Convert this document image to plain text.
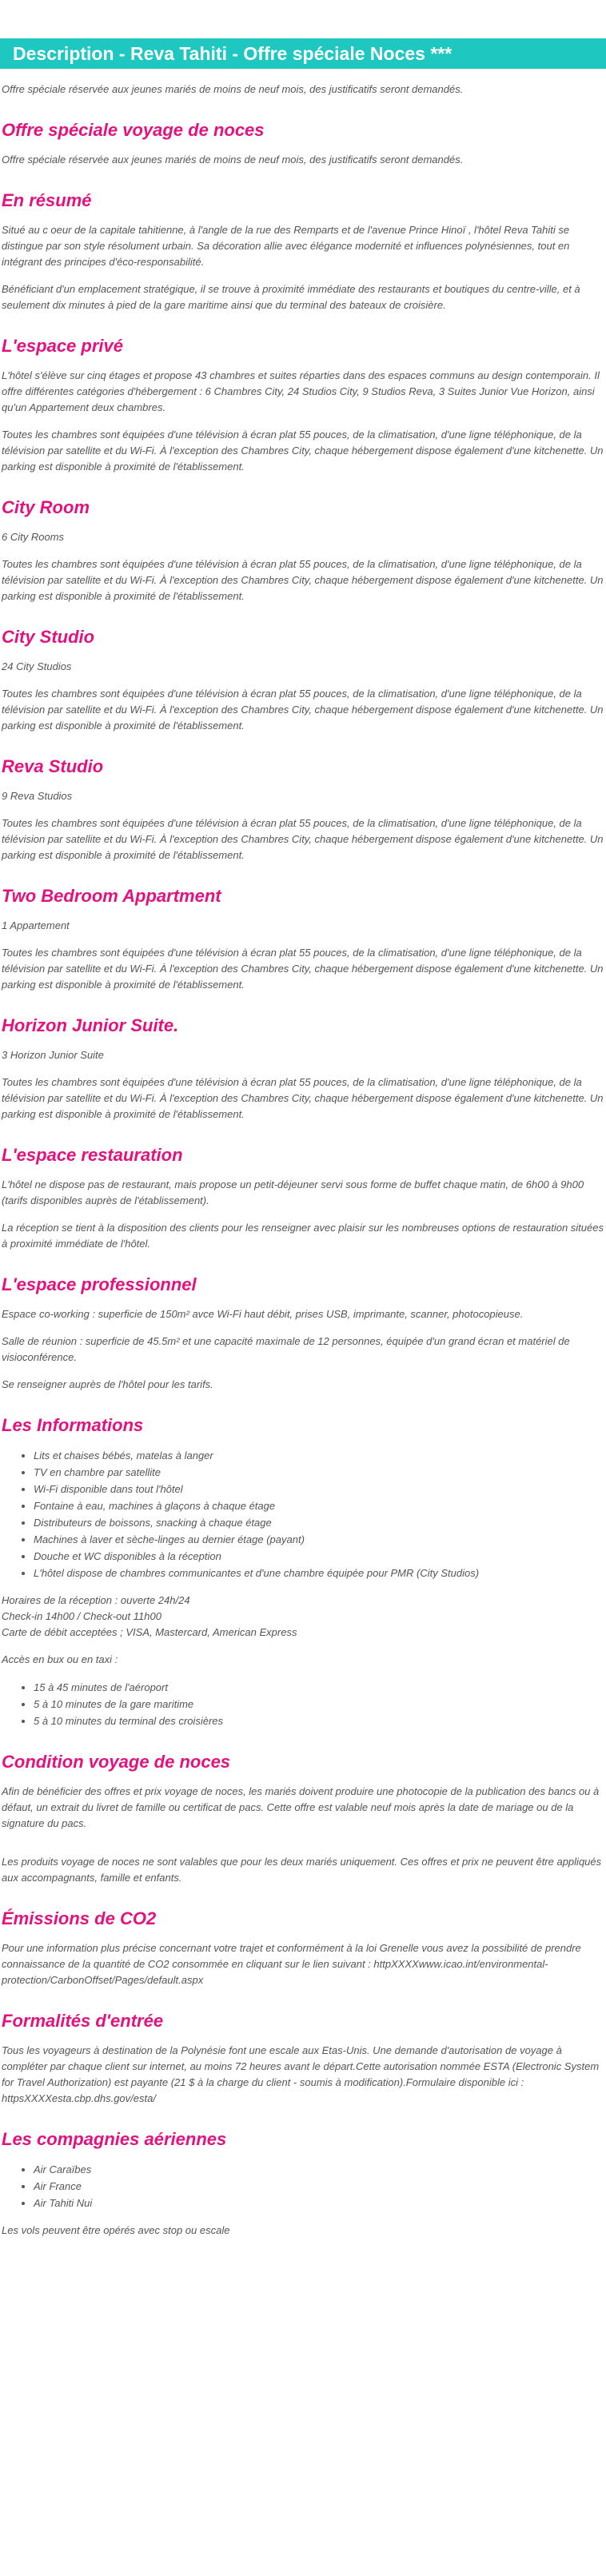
Description - Reva Tahiti - Offre spéciale Noces ***

Offre spéciale réservée aux jeunes mariés de moins de neuf mois, des justificatifs seront demandés.

Offre spéciale voyage de noces

Offre spéciale réservée aux jeunes mariés de moins de neuf mois, des justificatifs seront demandés.

En résumé

Situé au c oeur de la capitale tahitienne, à l'angle de la rue des Remparts et de l'avenue Prince Hinoï , l'hôtel Reva Tahiti se distingue par son style résolument urbain. Sa décoration allie avec élégance modernité et influences polynésiennes, tout en intégrant des principes d'éco-responsabilité.

Bénéficiant d'un emplacement stratégique, il se trouve à proximité immédiate des restaurants et boutiques du centre-ville, et à seulement dix minutes à pied de la gare maritime ainsi que du terminal des bateaux de croisière.

L'espace privé

L'hôtel s'élève sur cinq étages et propose 43 chambres et suites réparties dans des espaces communs au design contemporain. Il offre différentes catégories d'hébergement : 6 Chambres City, 24 Studios City, 9 Studios Reva, 3 Suites Junior Vue Horizon, ainsi qu'un Appartement deux chambres.

Toutes les chambres sont équipées d'une télévision à écran plat 55 pouces, de la climatisation, d'une ligne téléphonique, de la télévision par satellite et du Wi-Fi. À l'exception des Chambres City, chaque hébergement dispose également d'une kitchenette. Un parking est disponible à proximité de l'établissement.

City Room

6 City Rooms

Toutes les chambres sont équipées d'une télévision à écran plat 55 pouces, de la climatisation, d'une ligne téléphonique, de la télévision par satellite et du Wi-Fi. À l'exception des Chambres City, chaque hébergement dispose également d'une kitchenette. Un parking est disponible à proximité de l'établissement.

City Studio

24 City Studios

Toutes les chambres sont équipées d'une télévision à écran plat 55 pouces, de la climatisation, d'une ligne téléphonique, de la télévision par satellite et du Wi-Fi. À l'exception des Chambres City, chaque hébergement dispose également d'une kitchenette. Un parking est disponible à proximité de l'établissement.

Reva Studio

9 Reva Studios

Toutes les chambres sont équipées d'une télévision à écran plat 55 pouces, de la climatisation, d'une ligne téléphonique, de la télévision par satellite et du Wi-Fi. À l'exception des Chambres City, chaque hébergement dispose également d'une kitchenette. Un parking est disponible à proximité de l'établissement.

Two Bedroom Appartment

1 Appartement

Toutes les chambres sont équipées d'une télévision à écran plat 55 pouces, de la climatisation, d'une ligne téléphonique, de la télévision par satellite et du Wi-Fi. À l'exception des Chambres City, chaque hébergement dispose également d'une kitchenette. Un parking est disponible à proximité de l'établissement.

Horizon Junior Suite.

3 Horizon Junior Suite

Toutes les chambres sont équipées d'une télévision à écran plat 55 pouces, de la climatisation, d'une ligne téléphonique, de la télévision par satellite et du Wi-Fi. À l'exception des Chambres City, chaque hébergement dispose également d'une kitchenette. Un parking est disponible à proximité de l'établissement.

L'espace restauration

L'hôtel ne dispose pas de restaurant, mais propose un petit-déjeuner servi sous forme de buffet chaque matin, de 6h00 à 9h00 (tarifs disponibles auprès de l'établissement).

La réception se tient à la disposition des clients pour les renseigner avec plaisir sur les nombreuses options de restauration situées à proximité immédiate de l'hôtel.

L'espace professionnel

Espace co-working : superficie de 150m² avce Wi-Fi haut débit, prises USB, imprimante, scanner, photocopieuse.

Salle de réunion : superficie de 45.5m² et une capacité maximale de 12 personnes, équipée d'un grand écran et matériel de visioconférence.

Se renseigner auprès de l'hôtel pour les tarifs.

Les Informations
• Lits et chaises bébés, matelas à langer
• TV en chambre par satellite
• Wi-Fi disponible dans tout l'hôtel
• Fontaine à eau, machines à glaçons à chaque étage
• Distributeurs de boissons, snacking à chaque étage
• Machines à laver et sèche-linges au dernier étage (payant)
• Douche et WC disponibles à la réception
• L'hôtel dispose de chambres communicantes et d'une chambre équipée pour PMR (City Studios)

Horaires de la réception : ouverte 24h/24

Check-in 14h00 / Check-out 11h00

Carte de débit acceptées ; VISA, Mastercard, American Express

Accès en bux ou en taxi :

• 15 à 45 minutes de l'aéroport
• 5 à 10 minutes de la gare maritime
• 5 à 10 minutes du terminal des croisières
Condition voyage de noces

Afin de bénéficier des offres et prix voyage de noces, les mariés doivent produire une photocopie de la publication des bancs ou à défaut, un extrait du livret de famille ou certificat de pacs. Cette offre est valable neuf mois après la date de mariage ou de la signature du pacs.

Les produits voyage de noces ne sont valables que pour les deux mariés uniquement. Ces offres et prix ne peuvent être appliqués aux accompagnants, famille et enfants.

Émissions de CO2

Pour une information plus précise concernant votre trajet et conformément à la loi Grenelle vous avez la possibilité de prendre connaissance de la quantité de CO2 consommée en cliquant sur le lien suivant : httpXXXXwww.icao.int/environmental-protection/CarbonOffset/Pages/default.aspx

Formalités d'entrée

Tous les voyageurs à destination de la Polynésie font une escale aux Etas-Unis. Une demande d'autorisation de voyage à compléter par chaque client sur internet, au moins 72 heures avant le départ.Cette autorisation nommée ESTA (Electronic System for Travel Authorization) est payante (21 $ à la charge du client - soumis à modification).Formulaire disponible ici : httpsXXXXesta.cbp.dhs.gov/esta/

Les compagnies aériennes
• Air Caraïbes
• Air France
• Air Tahiti Nui

Les vols peuvent être opérés avec stop ou escale
